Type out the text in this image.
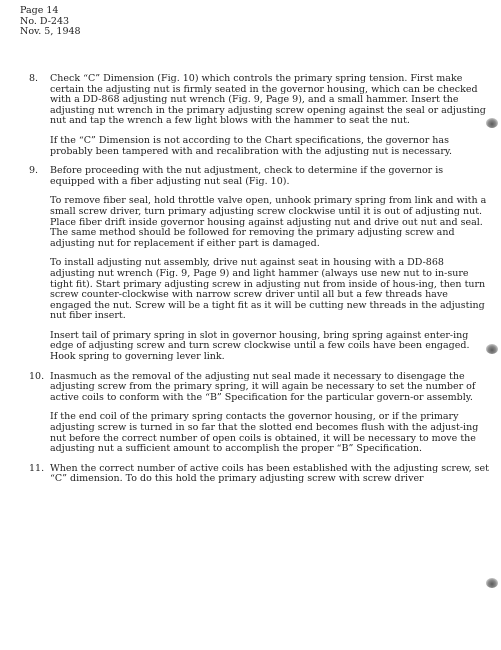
Page 14
No. D-243
Nov. 5, 1948
8. Check “C” Dimension (Fig. 10) which controls the primary spring tension. First make certain the adjusting nut is firmly seated in the governor housing, which can be checked with a DD-868 adjusting nut wrench (Fig. 9, Page 9), and a small hammer. Insert the adjusting nut wrench in the primary adjusting screw opening against the seal or adjusting nut and tap the wrench a few light blows with the hammer to seat the nut.

If the “C” Dimension is not according to the Chart specifications, the governor has probably been tampered with and recalibration with the adjusting nut is necessary.

9. Before proceeding with the nut adjustment, check to determine if the governor is equipped with a fiber adjusting nut seal (Fig. 10).

To remove fiber seal, hold throttle valve open, unhook primary spring from link and with a small screw driver, turn primary adjusting screw clockwise until it is out of adjusting nut. Place fiber drift inside governor housing against adjusting nut and drive out nut and seal. The same method should be followed for removing the primary adjusting screw and adjusting nut for replacement if either part is damaged.

To install adjusting nut assembly, drive nut against seat in housing with a DD-868 adjusting nut wrench (Fig. 9, Page 9) and light hammer (always use new nut to in-sure tight fit). Start primary adjusting screw in adjusting nut from inside of hous-ing, then turn screw counter-clockwise with narrow screw driver until all but a few threads have engaged the nut. Screw will be a tight fit as it will be cutting new threads in the adjusting nut fiber insert.

Insert tail of primary spring in slot in governor housing, bring spring against enter-ing edge of adjusting screw and turn screw clockwise until a few coils have been engaged. Hook spring to governing lever link.

10. Inasmuch as the removal of the adjusting nut seal made it necessary to disengage the adjusting screw from the primary spring, it will again be necessary to set the number of active coils to conform with the “B” Specification for the particular govern-or assembly.

If the end coil of the primary spring contacts the governor housing, or if the primary adjusting screw is turned in so far that the slotted end becomes flush with the adjust-ing nut before the correct number of open coils is obtained, it will be necessary to move the adjusting nut a sufficient amount to accomplish the proper “B” Specification.

11. When the correct number of active coils has been established with the adjusting screw, set “C” dimension. To do this hold the primary adjusting screw with screw driver
